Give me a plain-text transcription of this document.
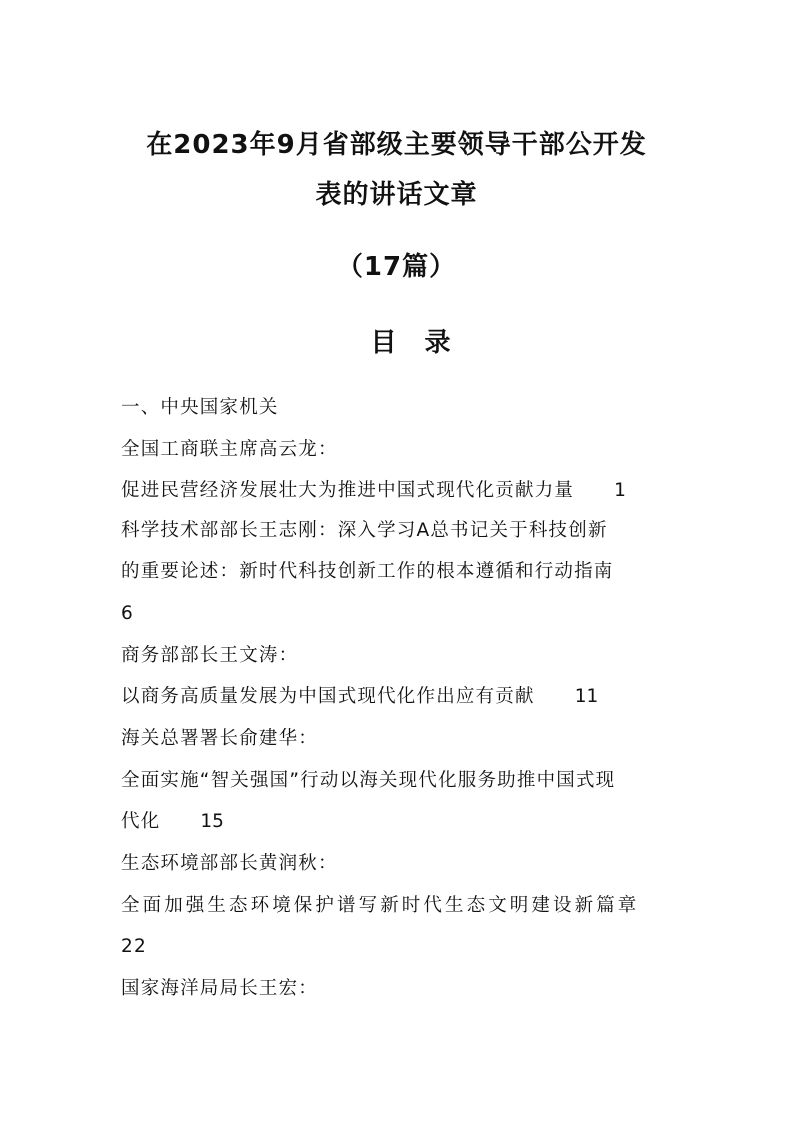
在2023年9月省部级主要领导干部公开发
表的讲话文章
（17篇）
目录
一、中央国家机关
全国工商联主席高云龙：
促进民营经济发展壮大为推进中国式现代化贡献力量 1
科学技术部部长王志刚：深入学习A总书记关于科技创新
的重要论述：新时代科技创新工作的根本遵循和行动指南
6
商务部部长王文涛：
以商务高质量发展为中国式现代化作出应有贡献 11
海关总署署长俞建华：
全面实施“智关强国”行动以海关现代化服务助推中国式现
代化 15
生态环境部部长黄润秋：
全面加强生态环境保护谱写新时代生态文明建设新篇章
22
国家海洋局局长王宏：
